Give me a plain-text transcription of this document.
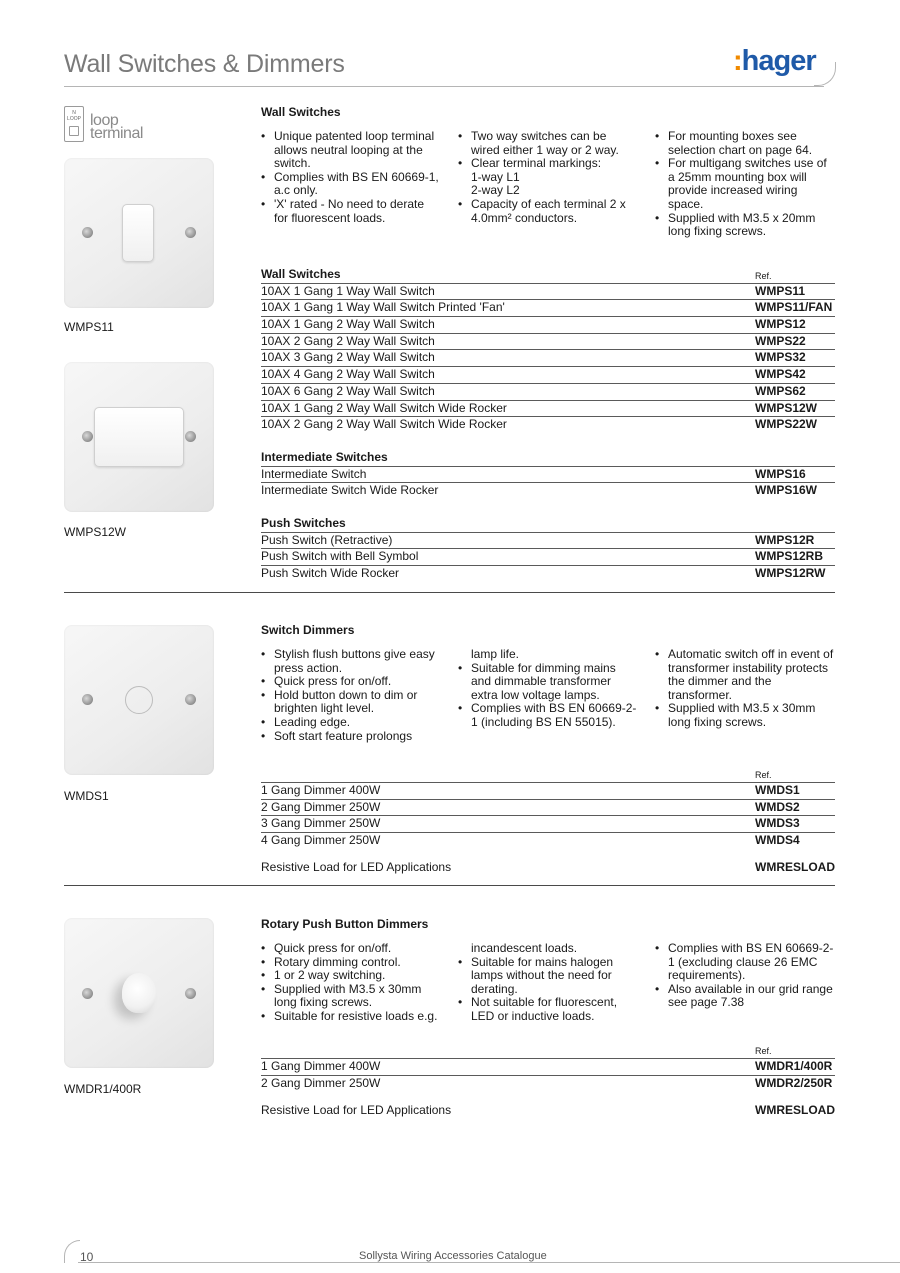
Wall Switches & Dimmers	:hager
N
LOOP loop
terminal
WMPS11
WMPS12W
WMDS1
WMDR1/400R
Wall Switches
• Unique patented loop terminal allows neutral looping at the switch.
• Complies with BS EN 60669-1, a.c only.
• 'X' rated - No need to derate for fluorescent loads.
• Two way switches can be wired either 1 way or 2 way.
• Clear terminal markings:
1-way L1
2-way L2
• Capacity of each terminal 2 x 4.0mm² conductors.
• For mounting boxes see selection chart on page 64.
• For multigang switches use of a 25mm mounting box will provide increased wiring space.
• Supplied with M3.5 x 20mm long fixing screws.
Wall Switches	Ref.
10AX 1 Gang 1 Way Wall Switch	WMPS11
10AX 1 Gang 1 Way Wall Switch Printed 'Fan'	WMPS11/FAN
10AX 1 Gang 2 Way Wall Switch	WMPS12
10AX 2 Gang 2 Way Wall Switch	WMPS22
10AX 3 Gang 2 Way Wall Switch	WMPS32
10AX 4 Gang 2 Way Wall Switch	WMPS42
10AX 6 Gang 2 Way Wall Switch	WMPS62
10AX 1 Gang 2 Way Wall Switch Wide Rocker	WMPS12W
10AX 2 Gang 2 Way Wall Switch Wide Rocker	WMPS22W
Intermediate Switches
Intermediate Switch	WMPS16
Intermediate Switch Wide Rocker	WMPS16W
Push Switches
Push Switch (Retractive)	WMPS12R
Push Switch with Bell Symbol	WMPS12RB
Push Switch Wide Rocker	WMPS12RW
Switch Dimmers
• Stylish flush buttons give easy press action.
• Quick press for on/off.
• Hold button down to dim or brighten light level.
• Leading edge.
• Soft start feature prolongs
lamp life.
• Suitable for dimming mains and dimmable transformer extra low voltage lamps.
• Complies with BS EN 60669-2-1 (including BS EN 55015).
• Automatic switch off in event of transformer instability protects the dimmer and the transformer.
• Supplied with M3.5 x 30mm long fixing screws.
Ref.
1 Gang Dimmer 400W	WMDS1
2 Gang Dimmer 250W	WMDS2
3 Gang Dimmer 250W	WMDS3
4 Gang Dimmer 250W	WMDS4
Resistive Load for LED Applications	WMRESLOAD
Rotary Push Button Dimmers
• Quick press for on/off.
• Rotary dimming control.
• 1 or 2 way switching.
• Supplied with M3.5 x 30mm long fixing screws.
• Suitable for resistive loads e.g.
incandescent loads.
• Suitable for mains halogen lamps without the need for derating.
• Not suitable for fluorescent, LED or inductive loads.
• Complies with BS EN 60669-2-1 (excluding clause 26 EMC requirements).
• Also available in our grid range see page 7.38
Ref.
1 Gang Dimmer 400W	WMDR1/400R
2 Gang Dimmer 250W	WMDR2/250R
Resistive Load for LED Applications	WMRESLOAD
10	Sollysta Wiring Accessories Catalogue
